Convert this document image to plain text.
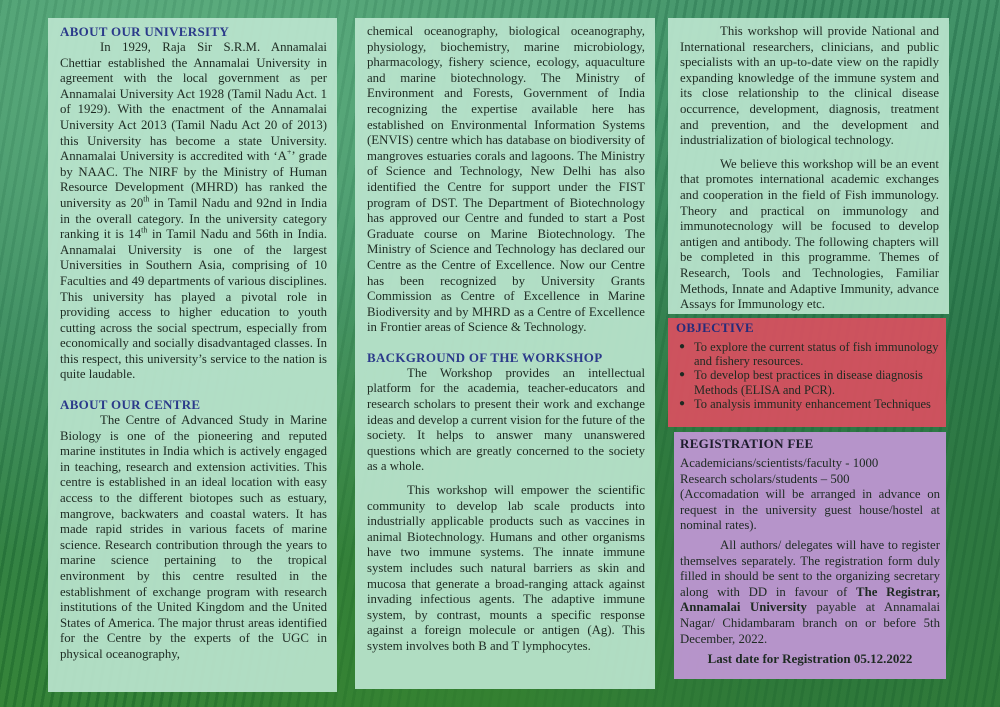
ABOUT OUR UNIVERSITY

In 1929, Raja Sir S.R.M. Annamalai Chettiar established the Annamalai University in agreement with the local government as per Annamalai University Act 1928 (Tamil Nadu Act. 1 of 1929). With the enactment of the Annamalai University Act 2013 (Tamil Nadu Act 20 of 2013) this University has become a state University. Annamalai University is accredited with ‘A+’ grade by NAAC. The NIRF by the Ministry of Human Resource Development (MHRD) has ranked the university as 20th in Tamil Nadu and 92nd in India in the overall category. In the university category ranking it is 14th in Tamil Nadu and 56th in India. Annamalai University is one of the largest Universities in Southern Asia, comprising of 10 Faculties and 49 departments of various disciplines. This university has played a pivotal role in providing access to higher education to youth cutting across the social spectrum, especially from economically and socially disadvantaged classes. In this respect, this university’s service to the nation is quite laudable.

ABOUT OUR CENTRE

The Centre of Advanced Study in Marine Biology is one of the pioneering and reputed marine institutes in India which is actively engaged in teaching, research and extension activities. This centre is established in an ideal location with easy access to the different biotopes such as estuary, mangrove, backwaters and coastal waters. It has made rapid strides in various facets of marine science. Research contribution through the years to marine science pertaining to the tropical environment by this centre resulted in the establishment of exchange program with research institutions of the United Kingdom and the United States of America. The major thrust areas identified for the Centre by the experts of the UGC in physical oceanography,

chemical oceanography, biological oceanography, physiology, biochemistry, marine microbiology, pharmacology, fishery science, ecology, aquaculture and marine biotechnology. The Ministry of Environment and Forests, Government of India recognizing the expertise available here has established on Environmental Information Systems (ENVIS) centre which has database on biodiversity of mangroves estuaries corals and lagoons. The Ministry of Science and Technology, New Delhi has also identified the Centre for support under the FIST program of DST. The Department of Biotechnology has approved our Centre and funded to start a Post Graduate course on Marine Biotechnology. The Ministry of Science and Technology has declared our Centre as the Centre of Excellence. Now our Centre has been recognized by University Grants Commission as Centre of Excellence in Marine Biodiversity and by MHRD as a Centre of Excellence in Frontier areas of Science & Technology.

BACKGROUND OF THE WORKSHOP

The Workshop provides an intellectual platform for the academia, teacher-educators and research scholars to present their work and exchange ideas and develop a current vision for the future of the society. It helps to answer many unanswered questions which are greatly concerned to the society as a whole.

This workshop will empower the scientific community to develop lab scale products into industrially applicable products such as vaccines in animal Biotechnology. Humans and other organisms have two immune systems. The innate immune system includes such natural barriers as skin and mucosa that generate a broad-ranging attack against invading infectious agents. The adaptive immune system, by contrast, mounts a specific response against a foreign molecule or antigen (Ag). This system involves both B and T lymphocytes.

This workshop will provide National and International researchers, clinicians, and public specialists with an up-to-date view on the rapidly expanding knowledge of the immune system and its close relationship to the clinical disease occurrence, development, diagnosis, treatment and prevention, and the development and industrialization of biological technology.

We believe this workshop will be an event that promotes international academic exchanges and cooperation in the field of Fish immunology. Theory and practical on immunology and immunotecnology will be focused to develop antigen and antibody. The following chapters will be completed in this programme. Themes of Research, Tools and Technologies, Familiar Methods, Innate and Adaptive Immunity, advance Assays for Immunology etc.

OBJECTIVE
● To explore the current status of fish immunology and fishery resources.
● To develop best practices in disease diagnosis Methods (ELISA and PCR).
● To analysis immunity enhancement Techniques
REGISTRATION FEE
Academicians/scientists/faculty - 1000
Research scholars/students – 500

(Accomadation will be arranged in advance on request in the university guest house/hostel at nominal rates).

All authors/ delegates will have to register themselves separately. The registration form duly filled in should be sent to the organizing secretary along with DD in favour of The Registrar, Annamalai University payable at Annamalai Nagar/ Chidambaram branch on or before 5th December, 2022.

Last date for Registration 05.12.2022
